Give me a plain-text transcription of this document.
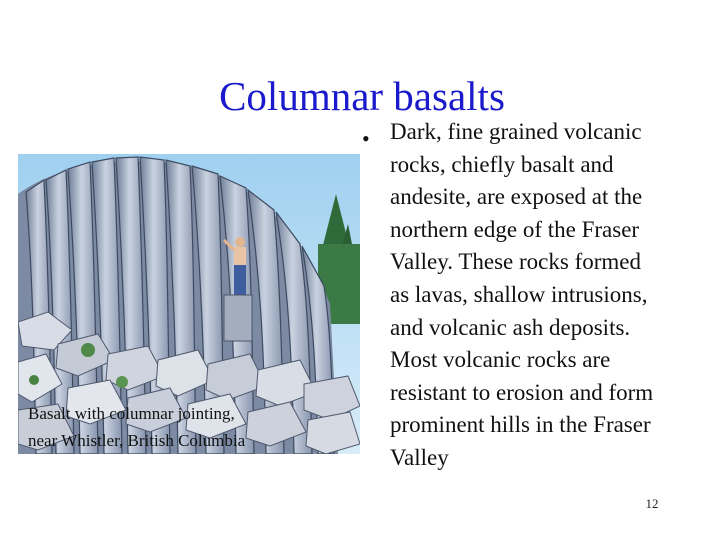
Columnar basalts
Basalt with columnar jointing,
near Whistler, British Columbia
• Dark, fine grained volcanic
rocks, chiefly basalt and
andesite, are exposed at the
northern edge of the Fraser
Valley. These rocks formed
as lavas, shallow intrusions,
and volcanic ash deposits.
Most volcanic rocks are
resistant to erosion and form
prominent hills in the Fraser
Valley
12
